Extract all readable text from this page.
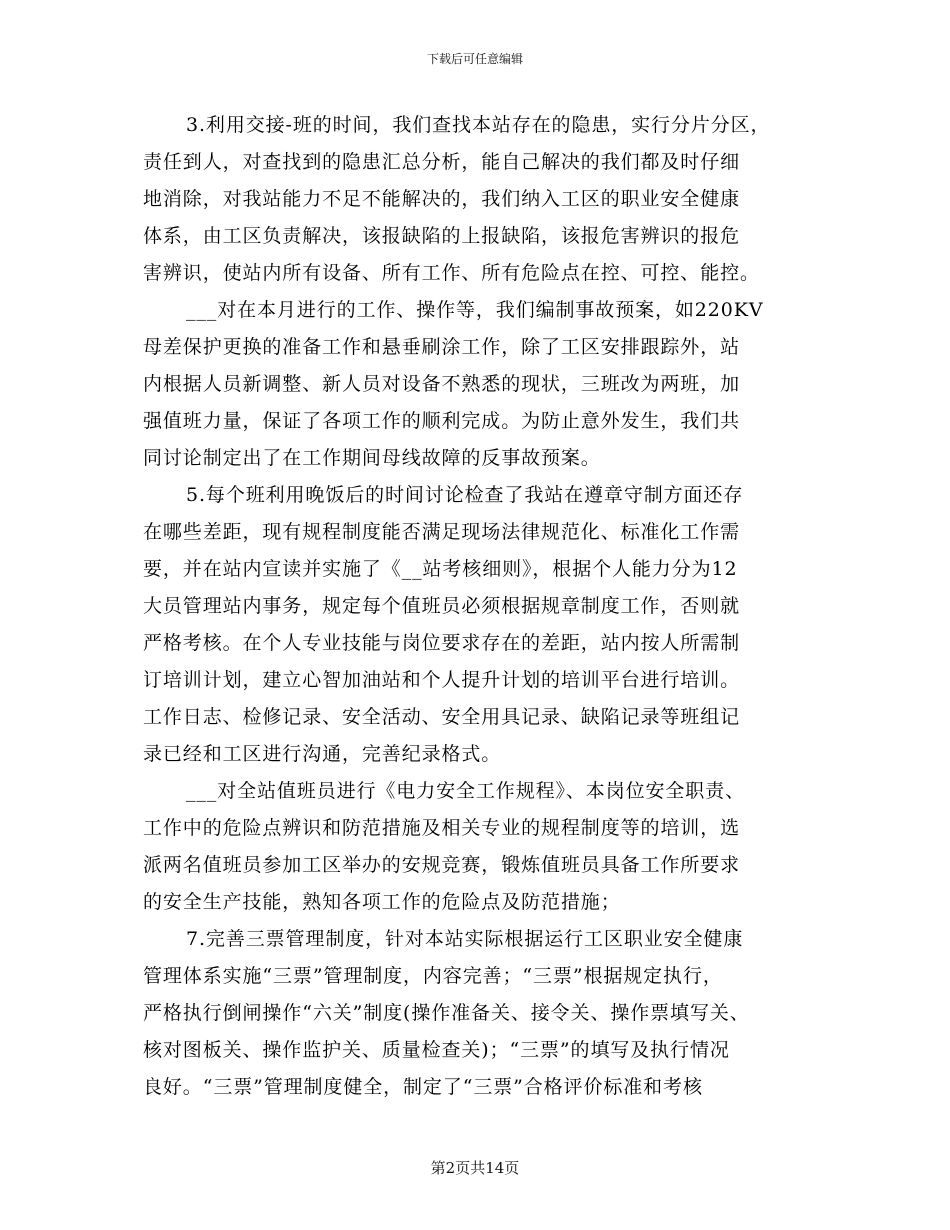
下载后可任意编辑
3.利用交接-班的时间，我们查找本站存在的隐患，实行分片分区，
责任到人，对查找到的隐患汇总分析，能自己解决的我们都及时仔细
地消除，对我站能力不足不能解决的，我们纳入工区的职业安全健康
体系，由工区负责解决，该报缺陷的上报缺陷，该报危害辨识的报危
害辨识，使站内所有设备、所有工作、所有危险点在控、可控、能控。
___对在本月进行的工作、操作等，我们编制事故预案，如220KV
母差保护更换的准备工作和悬垂刷涂工作，除了工区安排跟踪外，站
内根据人员新调整、新人员对设备不熟悉的现状，三班改为两班，加
强值班力量，保证了各项工作的顺利完成。为防止意外发生，我们共
同讨论制定出了在工作期间母线故障的反事故预案。
5.每个班利用晚饭后的时间讨论检查了我站在遵章守制方面还存
在哪些差距，现有规程制度能否满足现场法律规范化、标准化工作需
要，并在站内宣读并实施了《__站考核细则》，根据个人能力分为12
大员管理站内事务，规定每个值班员必须根据规章制度工作，否则就
严格考核。在个人专业技能与岗位要求存在的差距，站内按人所需制
订培训计划，建立心智加油站和个人提升计划的培训平台进行培训。
工作日志、检修记录、安全活动、安全用具记录、缺陷记录等班组记
录已经和工区进行沟通，完善纪录格式。
___对全站值班员进行《电力安全工作规程》、本岗位安全职责、
工作中的危险点辨识和防范措施及相关专业的规程制度等的培训，选
派两名值班员参加工区举办的安规竞赛，锻炼值班员具备工作所要求
的安全生产技能，熟知各项工作的危险点及防范措施；
7.完善三票管理制度，针对本站实际根据运行工区职业安全健康
管理体系实施“三票”管理制度，内容完善；“三票”根据规定执行，
严格执行倒闸操作“六关”制度(操作准备关、接令关、操作票填写关、
核对图板关、操作监护关、质量检查关)；“三票”的填写及执行情况
良好。“三票”管理制度健全，制定了“三票”合格评价标准和考核
第2页共14页
